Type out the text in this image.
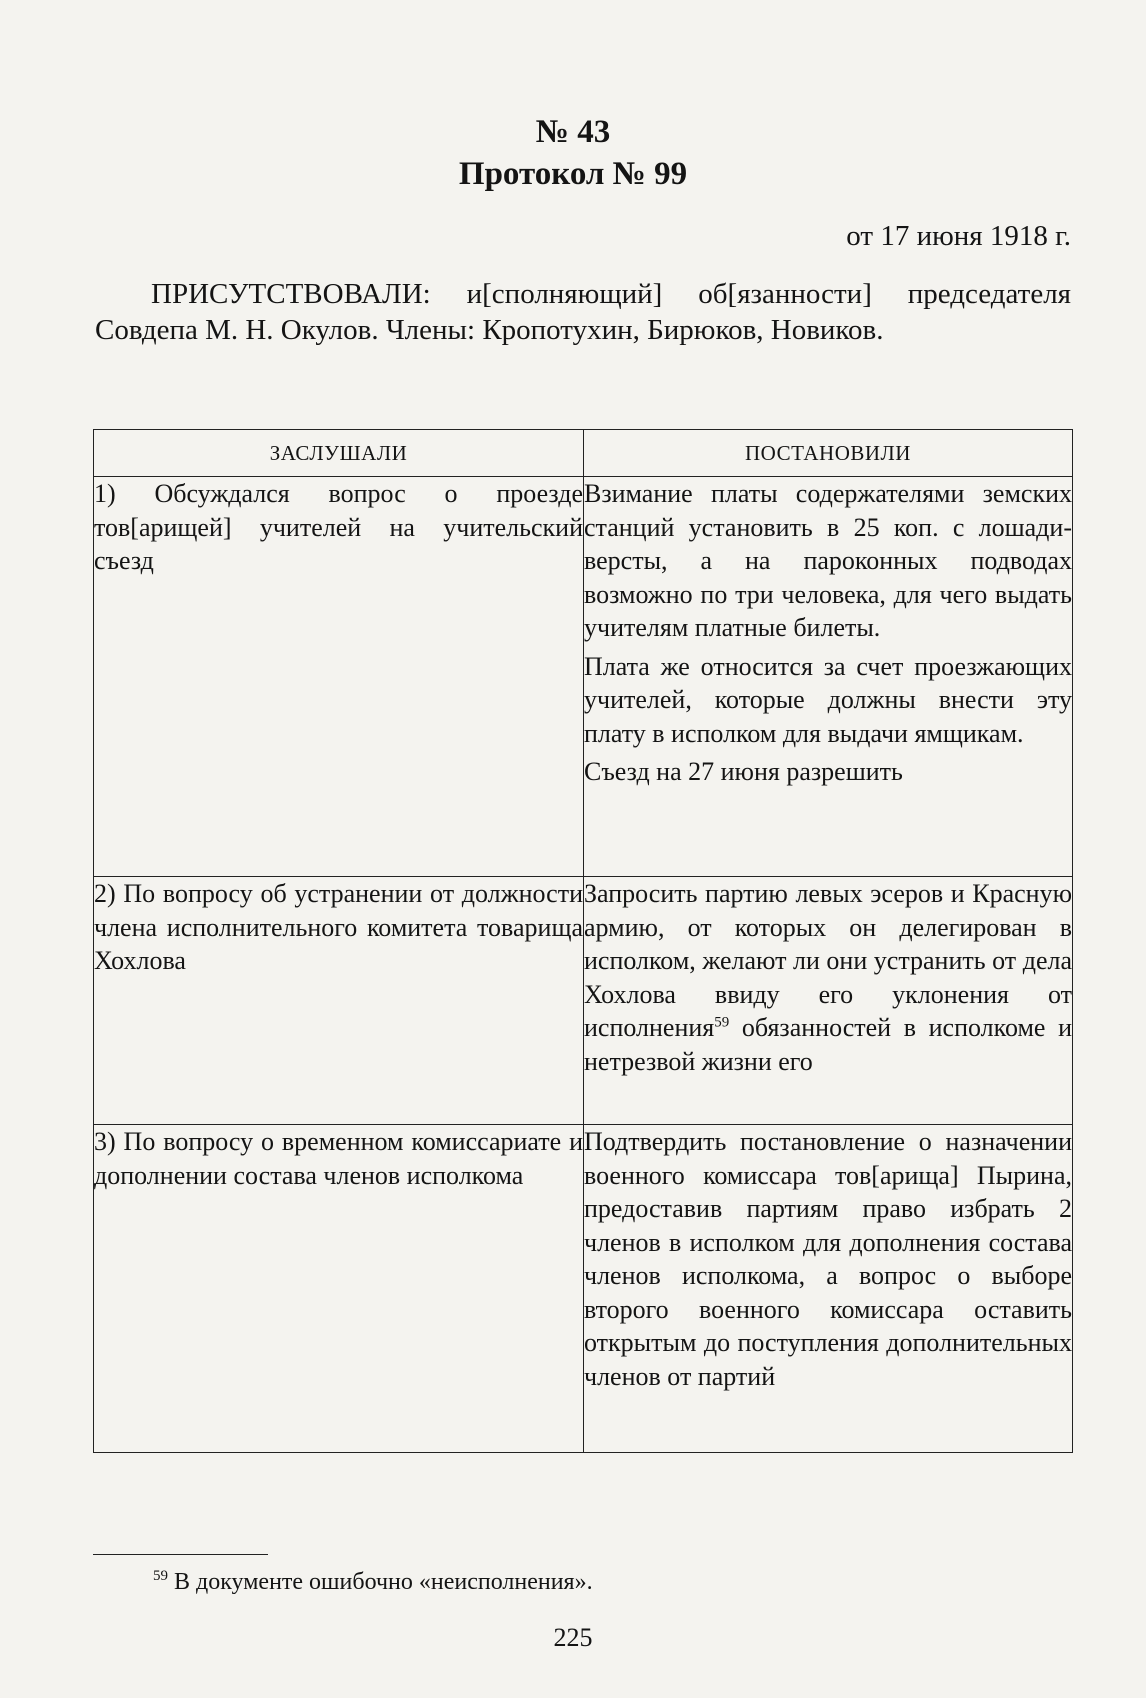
№ 43
Протокол № 99
от 17 июня 1918 г.
ПРИСУТСТВОВАЛИ: и[сполняющий] об[язанности] председателя Совдепа М. Н. Окулов. Члены: Кропотухин, Бирюков, Новиков.
ЗАСЛУШАЛИ	ПОСТАНОВИЛИ
1) Обсуждался вопрос о проезде тов[арищей] учителей на учительский съезд	Взимание платы содержателями земских станций установить в 25 коп. с лошади-версты, а на пароконных подводах возможно по три человека, для чего выдать учителям платные билеты.

Плата же относится за счет проезжающих учителей, которые должны внести эту плату в исполком для выдачи ямщикам.

Съезд на 27 июня разрешить

2) По вопросу об устранении от должности члена исполнительного комитета товарища Хохлова	Запросить партию левых эсеров и Красную армию, от которых он делегирован в исполком, желают ли они устранить от дела Хохлова ввиду его уклонения от исполнения$^{59}$ обязанностей в исполкоме и нетрезвой жизни его
3) По вопросу о временном комиссариате и дополнении состава членов исполкома	Подтвердить постановление о назначении военного комиссара тов[арища] Пырина, предоставив партиям право избрать 2 членов в исполком для дополнения состава членов исполкома, а вопрос о выборе второго военного комиссара оставить открытым до поступления дополнительных членов от партий
$^{59}$ В документе ошибочно «неисполнения».
225
